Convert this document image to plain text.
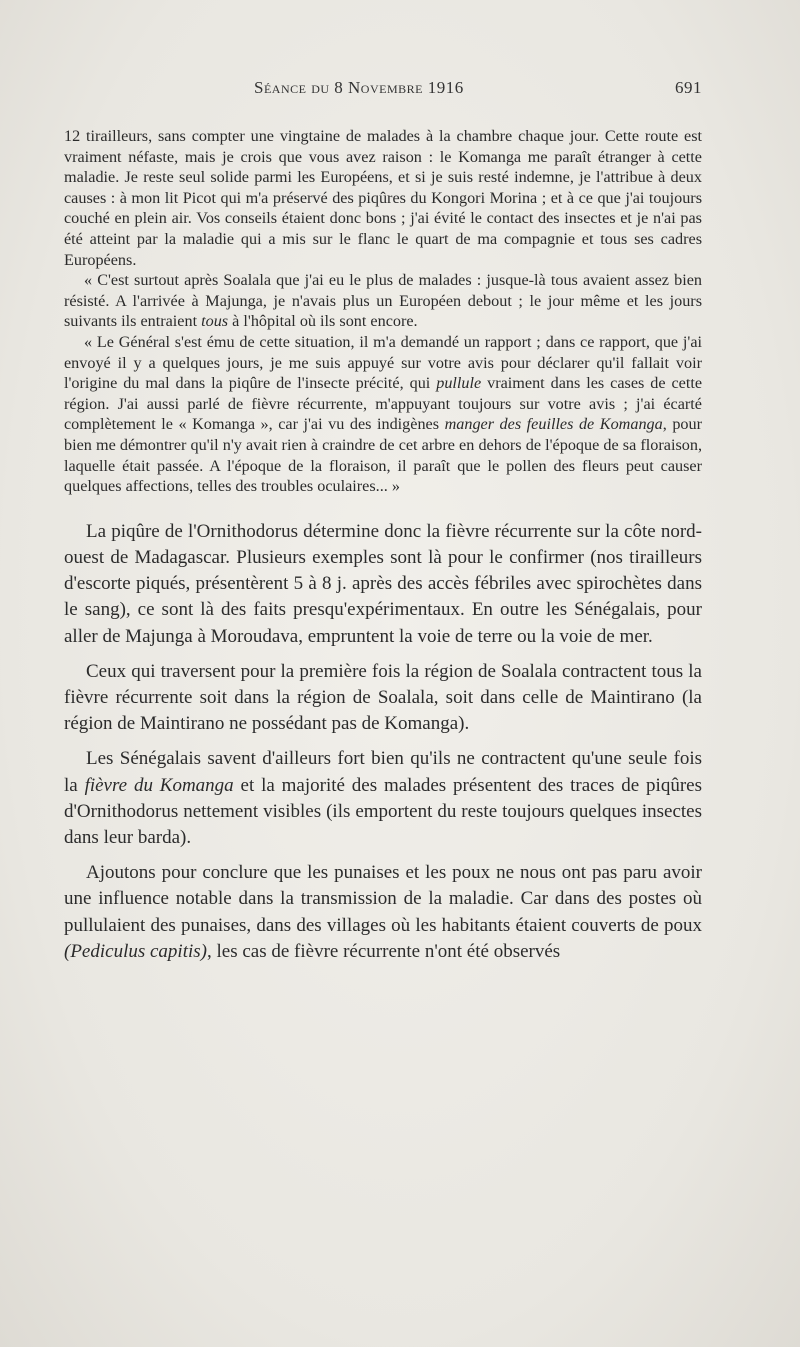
Séance du 8 Novembre 1916	691

12 tirailleurs, sans compter une vingtaine de malades à la chambre chaque jour. Cette route est vraiment néfaste, mais je crois que vous avez raison : le Komanga me paraît étranger à cette maladie. Je reste seul solide parmi les Européens, et si je suis resté indemne, je l'attribue à deux causes : à mon lit Picot qui m'a préservé des piqûres du Kongori Morina ; et à ce que j'ai toujours couché en plein air. Vos conseils étaient donc bons ; j'ai évité le contact des insectes et je n'ai pas été atteint par la maladie qui a mis sur le flanc le quart de ma compagnie et tous ses cadres Européens.

« C'est surtout après Soalala que j'ai eu le plus de malades : jusque-là tous avaient assez bien résisté. A l'arrivée à Majunga, je n'avais plus un Européen debout ; le jour même et les jours suivants ils entraient tous à l'hôpital où ils sont encore.

« Le Général s'est ému de cette situation, il m'a demandé un rapport ; dans ce rapport, que j'ai envoyé il y a quelques jours, je me suis appuyé sur votre avis pour déclarer qu'il fallait voir l'origine du mal dans la piqûre de l'insecte précité, qui pullule vraiment dans les cases de cette région. J'ai aussi parlé de fièvre récurrente, m'appuyant toujours sur votre avis ; j'ai écarté complètement le « Komanga », car j'ai vu des indigènes manger des feuilles de Komanga, pour bien me démontrer qu'il n'y avait rien à craindre de cet arbre en dehors de l'époque de sa floraison, laquelle était passée. A l'époque de la floraison, il paraît que le pollen des fleurs peut causer quelques affections, telles des troubles oculaires... »

La piqûre de l'Ornithodorus détermine donc la fièvre récurrente sur la côte nord-ouest de Madagascar. Plusieurs exemples sont là pour le confirmer (nos tirailleurs d'escorte piqués, présentèrent 5 à 8 j. après des accès fébriles avec spirochètes dans le sang), ce sont là des faits presqu'expérimentaux. En outre les Sénégalais, pour aller de Majunga à Moroudava, empruntent la voie de terre ou la voie de mer.

Ceux qui traversent pour la première fois la région de Soalala contractent tous la fièvre récurrente soit dans la région de Soalala, soit dans celle de Maintirano (la région de Maintirano ne possédant pas de Komanga).

Les Sénégalais savent d'ailleurs fort bien qu'ils ne contractent qu'une seule fois la fièvre du Komanga et la majorité des malades présentent des traces de piqûres d'Ornithodorus nettement visibles (ils emportent du reste toujours quelques insectes dans leur barda).

Ajoutons pour conclure que les punaises et les poux ne nous ont pas paru avoir une influence notable dans la transmission de la maladie. Car dans des postes où pullulaient des punaises, dans des villages où les habitants étaient couverts de poux (Pediculus capitis), les cas de fièvre récurrente n'ont été observés
